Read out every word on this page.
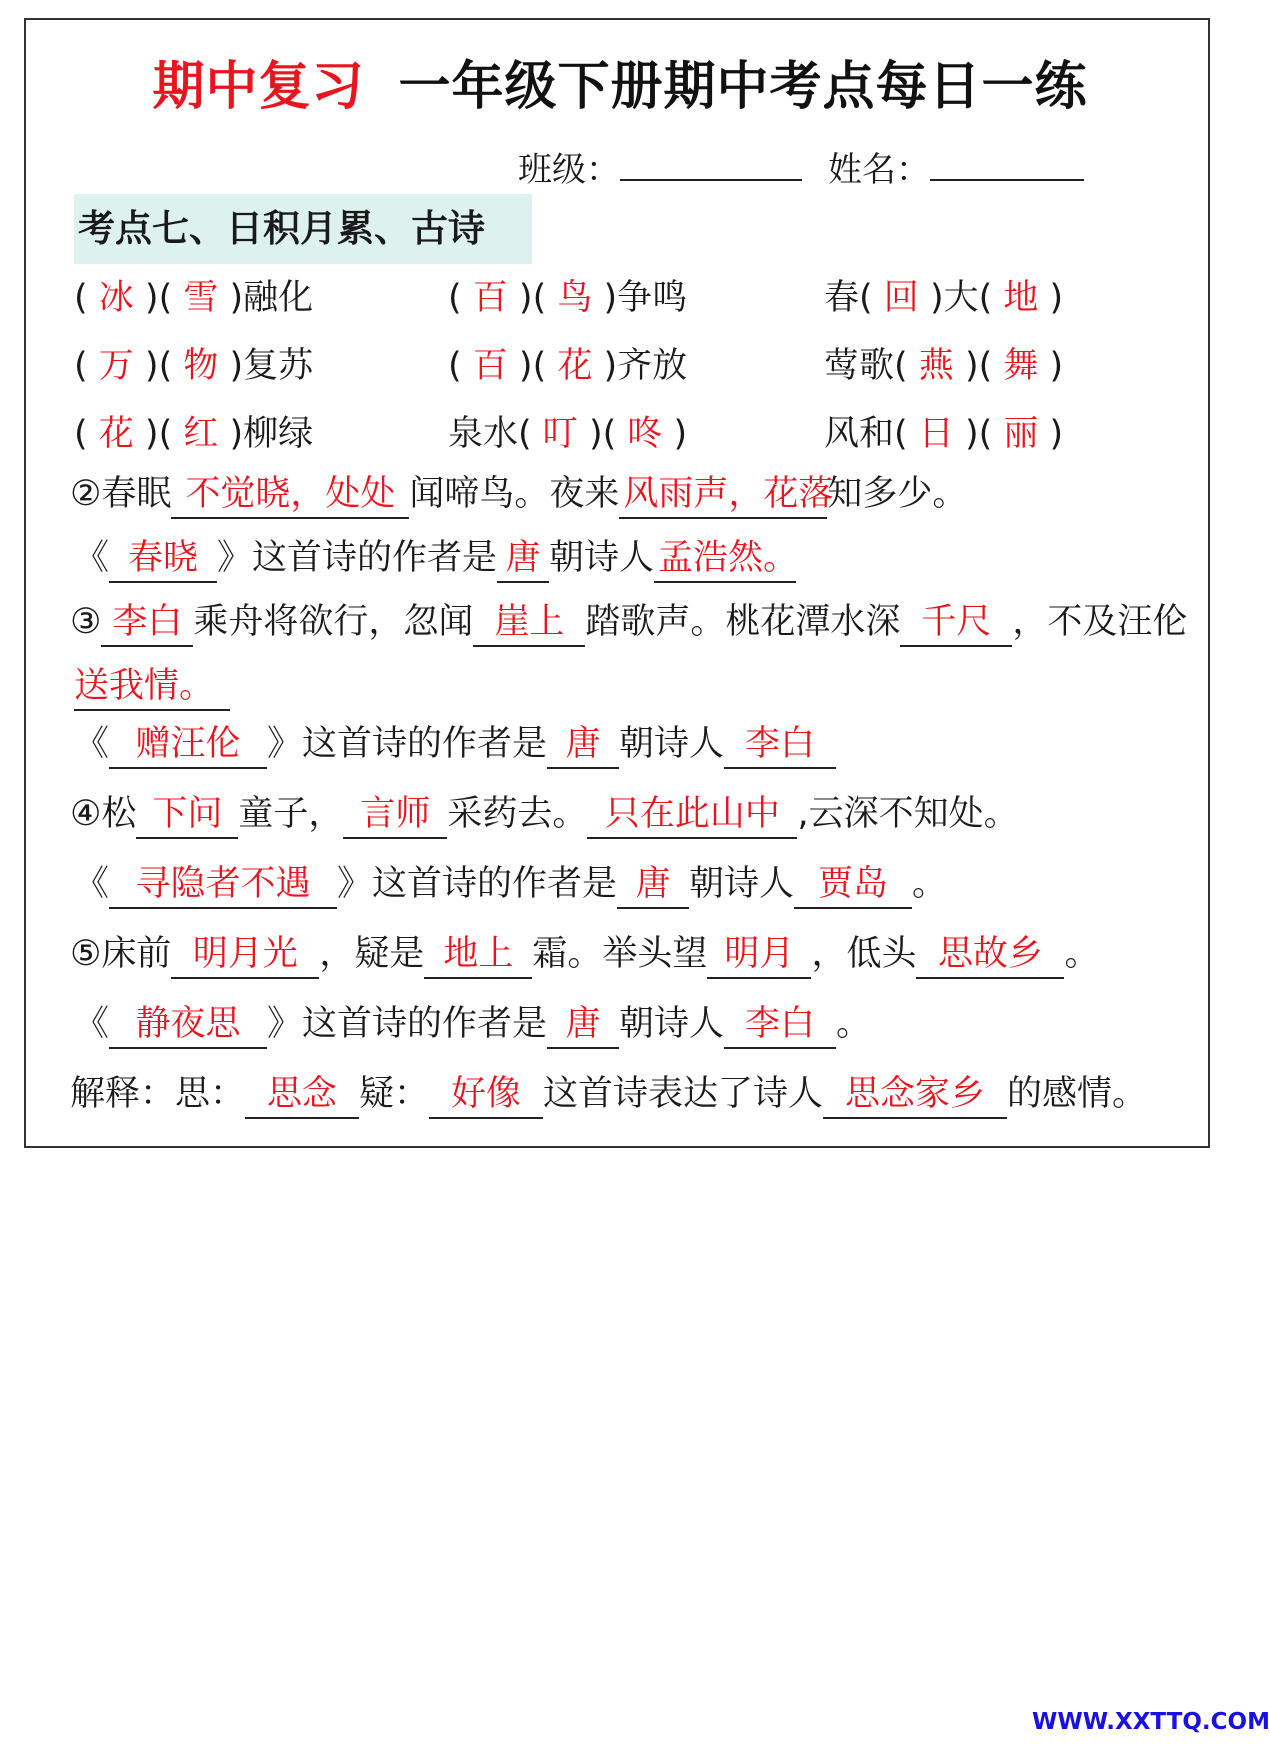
期中复习 一年级下册期中考点每日一练
班级：	姓名：
考点七、日积月累、古诗
( 冰 )( 雪 )融化	( 百 )( 鸟 )争鸣	春( 回 )大( 地 )
( 万 )( 物 )复苏	( 百 )( 花 )齐放	莺歌( 燕 )( 舞 )
( 花 )( 红 )柳绿	泉水( 叮 )( 咚 )	风和( 日 )( 丽 )
②春眠 不觉晓，处处 闻啼鸟。夜来 风雨声，花落知多少。
《 春晓 》这首诗的作者是 唐 朝诗人 孟浩然。
③ 李白 乘舟将欲行，忽闻 崖上 踏歌声。桃花潭水深 千尺 ，不及汪伦
送我情。
《 赠汪伦 》这首诗的作者是 唐 朝诗人 李白
④松 下问 童子， 言师 采药去。 只在此山中 ,云深不知处。
《 寻隐者不遇 》这首诗的作者是 唐 朝诗人 贾岛 。
⑤床前 明月光 ，疑是 地上 霜。举头望 明月 ，低头 思故乡 。
《 静夜思 》这首诗的作者是 唐 朝诗人 李白 。
解释：思： 思念 疑： 好像 这首诗表达了诗人 思念家乡 的感情。
WWW.XXTTQ.COM
